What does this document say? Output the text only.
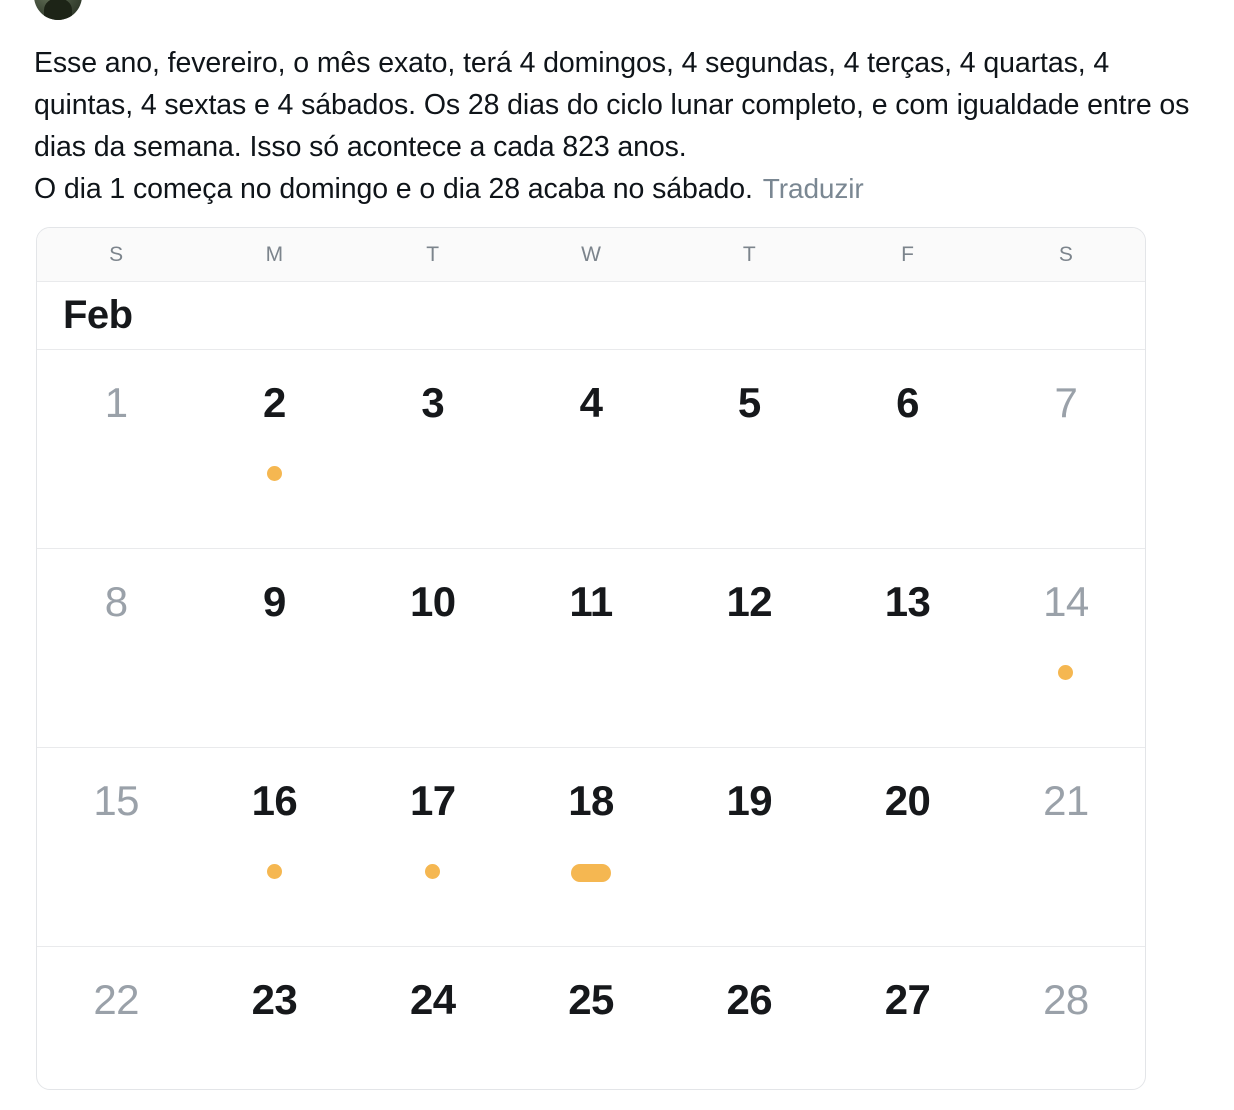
Esse ano, fevereiro, o mês exato, terá 4 domingos, 4 segundas, 4 terças, 4 quartas, 4 quintas, 4 sextas e 4 sábados. Os 28 dias do ciclo lunar completo, e com igualdade entre os dias da semana. Isso só acontece a cada 823 anos.

O dia 1 começa no domingo e o dia 28 acaba no sábado. Traduzir

S	M	T	W	T	F	S
Feb
1	2	3	4	5	6	7
8	9	10	11	12	13	14
15	16	17	18	19	20	21
22	23	24	25	26	27	28
